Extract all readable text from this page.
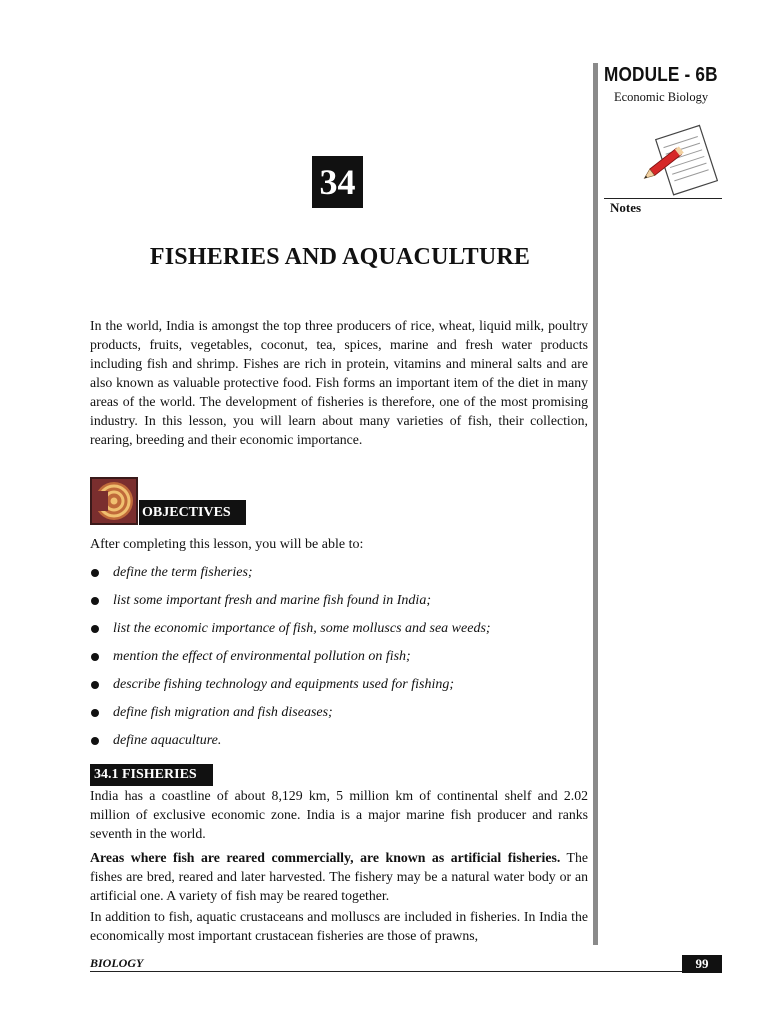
MODULE - 6B
Economic Biology
Notes
34
FISHERIES AND AQUACULTURE
In the world, India is amongst the top three producers of rice, wheat, liquid milk, poultry products, fruits, vegetables, coconut, tea, spices, marine and fresh water products including fish and shrimp. Fishes are rich in protein, vitamins and mineral salts and are also known as valuable protective food. Fish forms an important item of the diet in many areas of the world. The development of fisheries is therefore, one of the most promising industry. In this lesson, you will learn about many varieties of fish, their collection, rearing, breeding and their economic importance.
OBJECTIVES
After completing this lesson, you will be able to:
define the term fisheries;
list some important fresh and marine fish found in India;
list the economic importance of fish, some molluscs and sea weeds;
mention the effect of environmental pollution on fish;
describe fishing technology and equipments used for fishing;
define fish migration and fish diseases;
define aquaculture.
34.1 FISHERIES
India has a coastline of about 8,129 km, 5 million km of continental shelf and 2.02 million of exclusive economic zone. India is a major marine fish producer and ranks seventh in the world.
Areas where fish are reared commercially, are known as artificial fisheries. The fishes are bred, reared and later harvested. The fishery may be a natural water body or an artificial one. A variety of fish may be reared together.
In addition to fish, aquatic crustaceans and molluscs are included in fisheries. In India the economically most important crustacean fisheries are those of prawns,
BIOLOGY	99
